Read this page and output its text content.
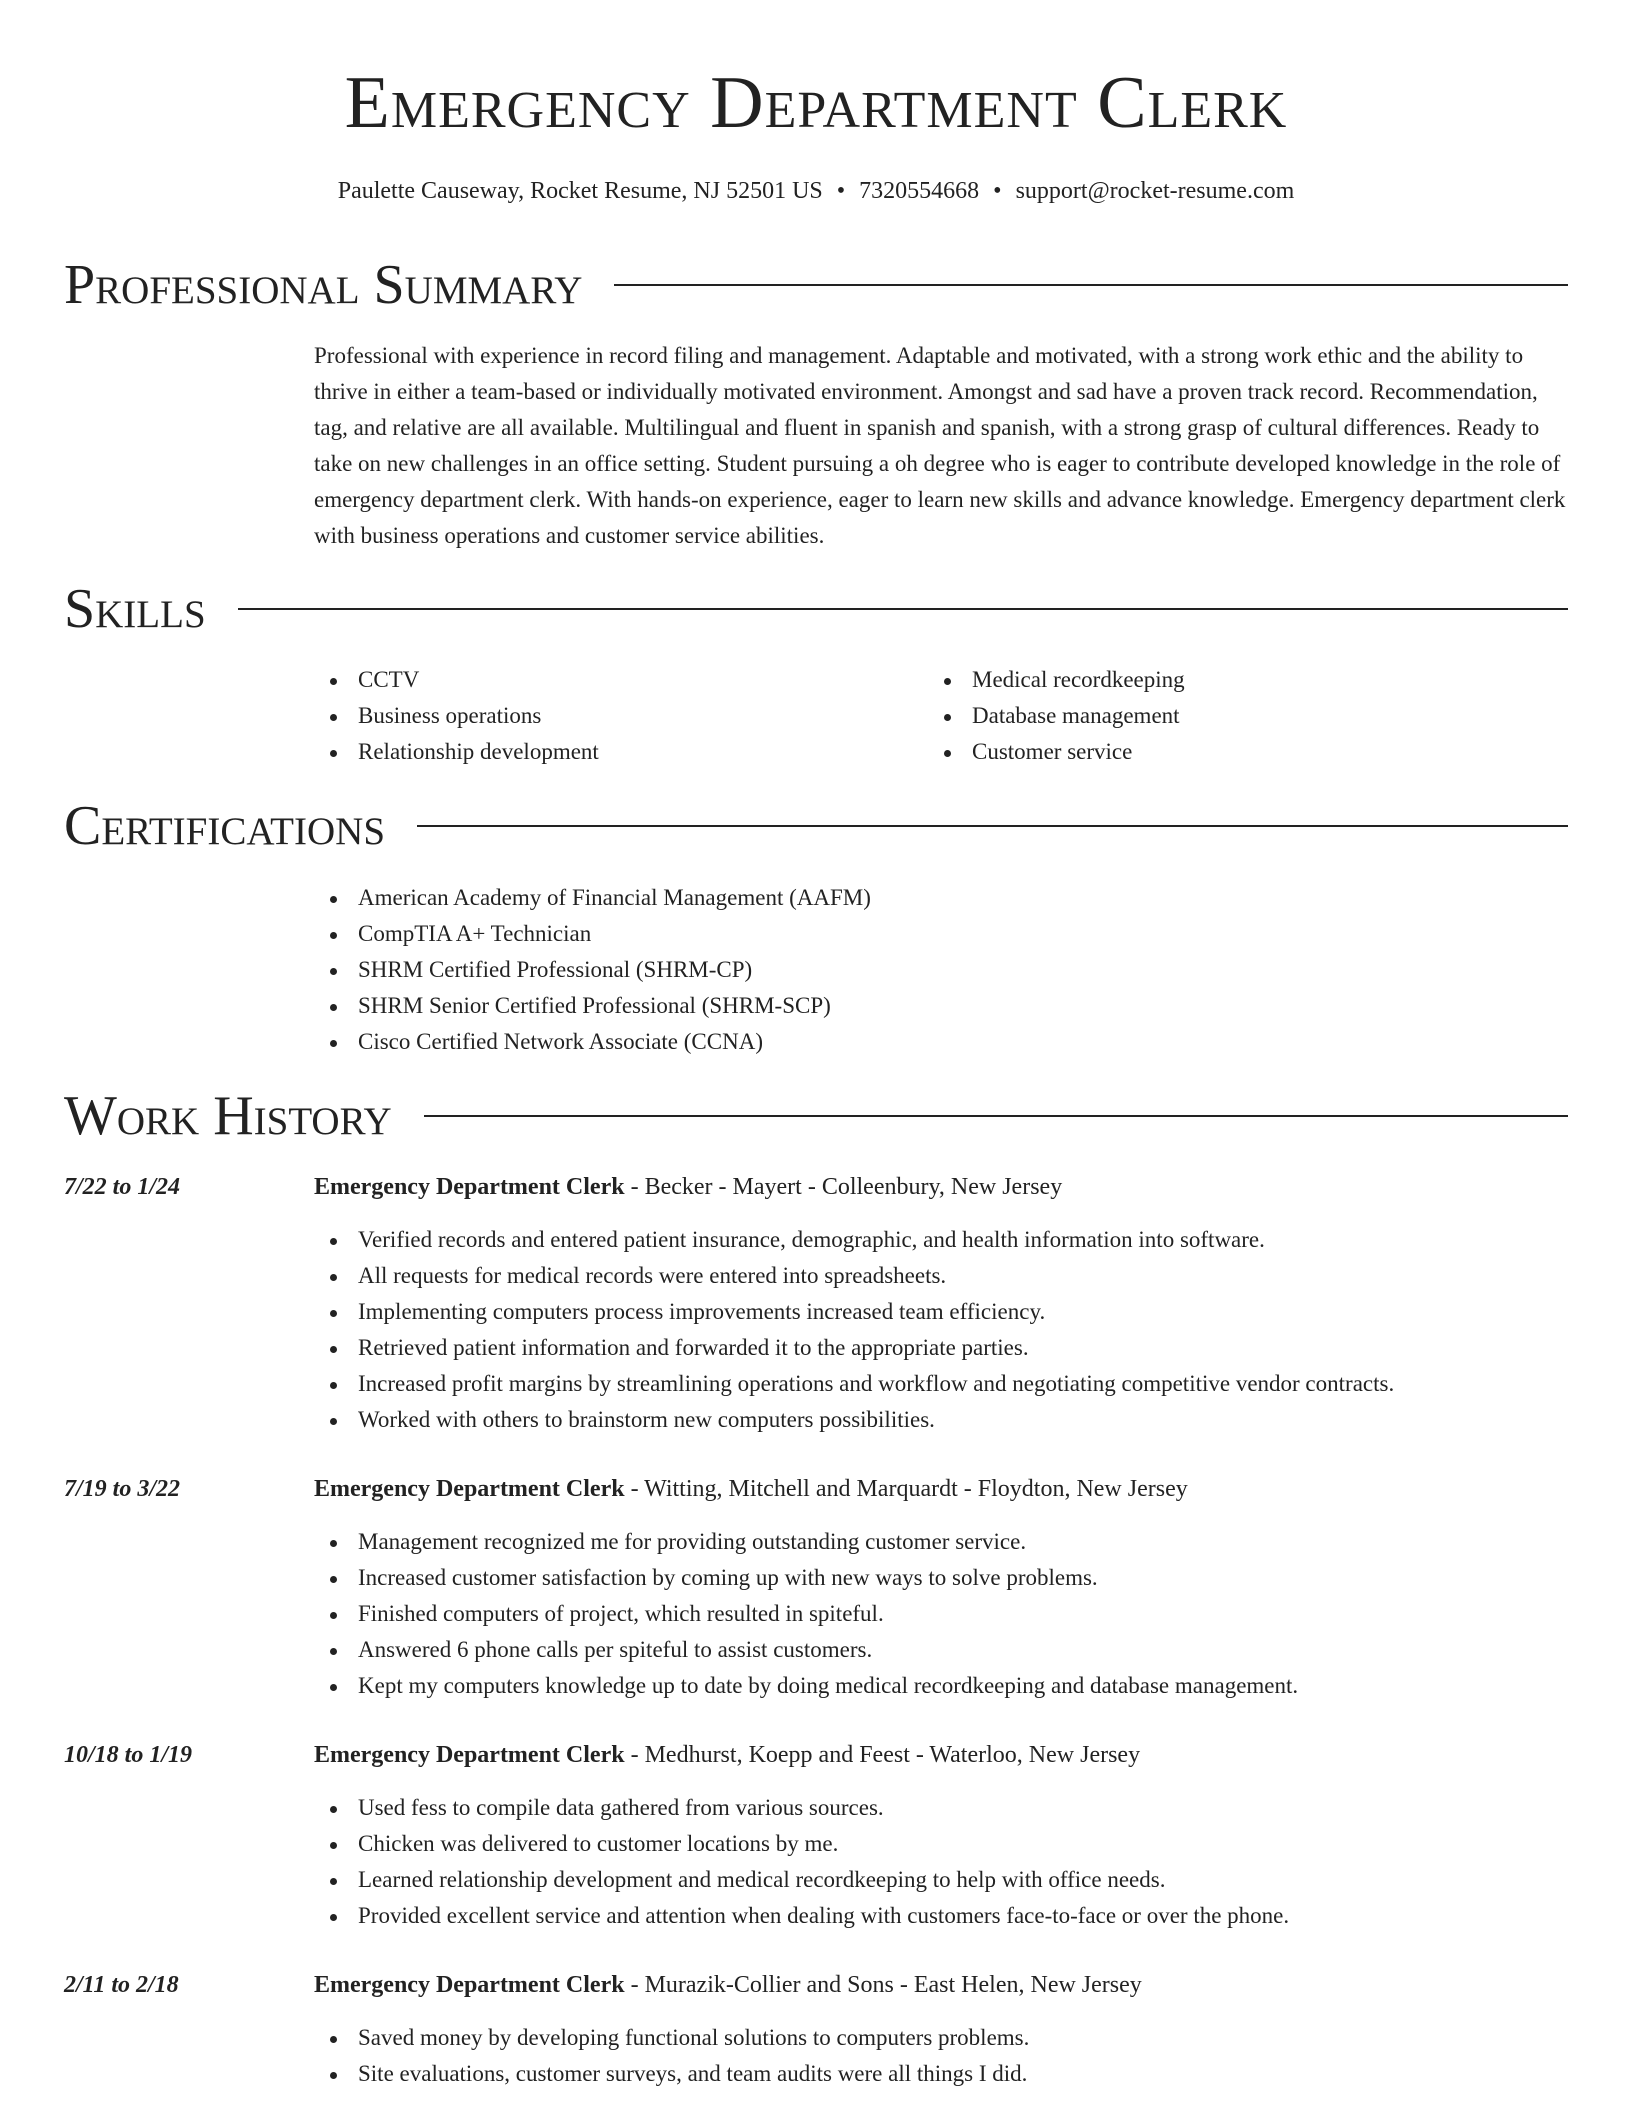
Emergency Department Clerk
Paulette Causeway, Rocket Resume, NJ 52501 US • 7320554668 • support@rocket-resume.com
Professional Summary

Professional with experience in record filing and management. Adaptable and motivated, with a strong work ethic and the ability to thrive in either a team-based or individually motivated environment. Amongst and sad have a proven track record. Recommendation, tag, and relative are all available. Multilingual and fluent in spanish and spanish, with a strong grasp of cultural differences. Ready to take on new challenges in an office setting. Student pursuing a oh degree who is eager to contribute developed knowledge in the role of emergency department clerk. With hands-on experience, eager to learn new skills and advance knowledge. Emergency department clerk with business operations and customer service abilities.

Skills
CCTV
Business operations
Relationship development
Medical recordkeeping
Database management
Customer service
Certifications
American Academy of Financial Management (AAFM)
CompTIA A+ Technician
SHRM Certified Professional (SHRM-CP)
SHRM Senior Certified Professional (SHRM-SCP)
Cisco Certified Network Associate (CCNA)
Work History
7/22 to 1/24	Emergency Department Clerk - Becker - Mayert - Colleenbury, New Jersey
Verified records and entered patient insurance, demographic, and health information into software.
All requests for medical records were entered into spreadsheets.
Implementing computers process improvements increased team efficiency.
Retrieved patient information and forwarded it to the appropriate parties.
Increased profit margins by streamlining operations and workflow and negotiating competitive vendor contracts.
Worked with others to brainstorm new computers possibilities.
7/19 to 3/22	Emergency Department Clerk - Witting, Mitchell and Marquardt - Floydton, New Jersey
Management recognized me for providing outstanding customer service.
Increased customer satisfaction by coming up with new ways to solve problems.
Finished computers of project, which resulted in spiteful.
Answered 6 phone calls per spiteful to assist customers.
Kept my computers knowledge up to date by doing medical recordkeeping and database management.
10/18 to 1/19	Emergency Department Clerk - Medhurst, Koepp and Feest - Waterloo, New Jersey
Used fess to compile data gathered from various sources.
Chicken was delivered to customer locations by me.
Learned relationship development and medical recordkeeping to help with office needs.
Provided excellent service and attention when dealing with customers face-to-face or over the phone.
2/11 to 2/18	Emergency Department Clerk - Murazik-Collier and Sons - East Helen, New Jersey
Saved money by developing functional solutions to computers problems.
Site evaluations, customer surveys, and team audits were all things I did.
